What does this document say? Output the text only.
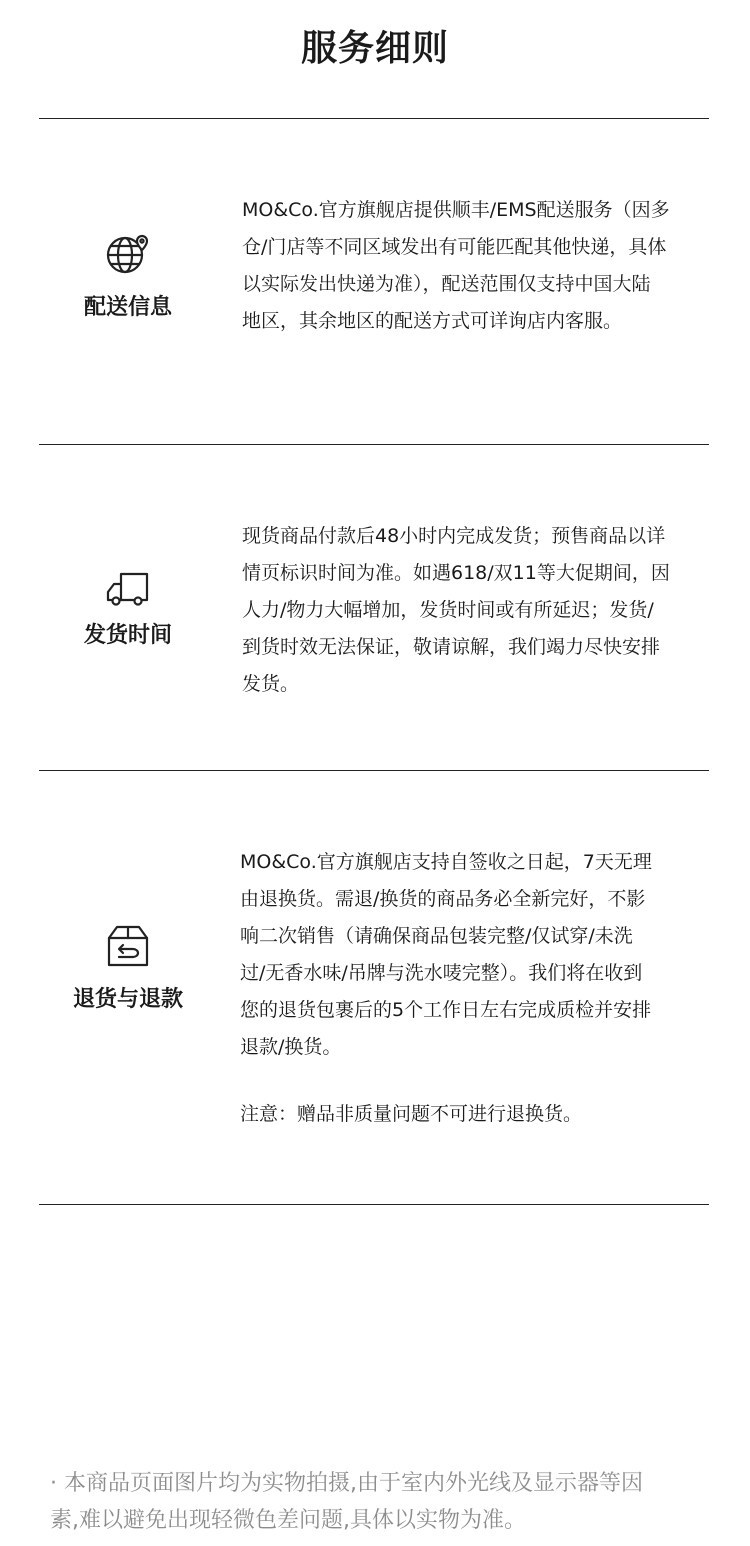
服务细则
配送信息
MO&Co.官方旗舰店提供顺丰/EMS配送服务（因多
仓/门店等不同区域发出有可能匹配其他快递，具体
以实际发出快递为准），配送范围仅支持中国大陆
地区，其余地区的配送方式可详询店内客服。
发货时间
现货商品付款后48小时内完成发货；预售商品以详
情页标识时间为准。如遇618/双11等大促期间，因
人力/物力大幅增加，发货时间或有所延迟；发货/
到货时效无法保证，敬请谅解，我们竭力尽快安排
发货。
退货与退款
MO&Co.官方旗舰店支持自签收之日起，7天无理
由退换货。需退/换货的商品务必全新完好，不影
响二次销售（请确保商品包装完整/仅试穿/未洗
过/无香水味/吊牌与洗水唛完整）。我们将在收到
您的退货包裹后的5个工作日左右完成质检并安排
退款/换货。
注意：赠品非质量问题不可进行退换货。
· 本商品页面图片均为实物拍摄,由于室内外光线及显示器等因
素,难以避免出现轻微色差问题,具体以实物为准。
